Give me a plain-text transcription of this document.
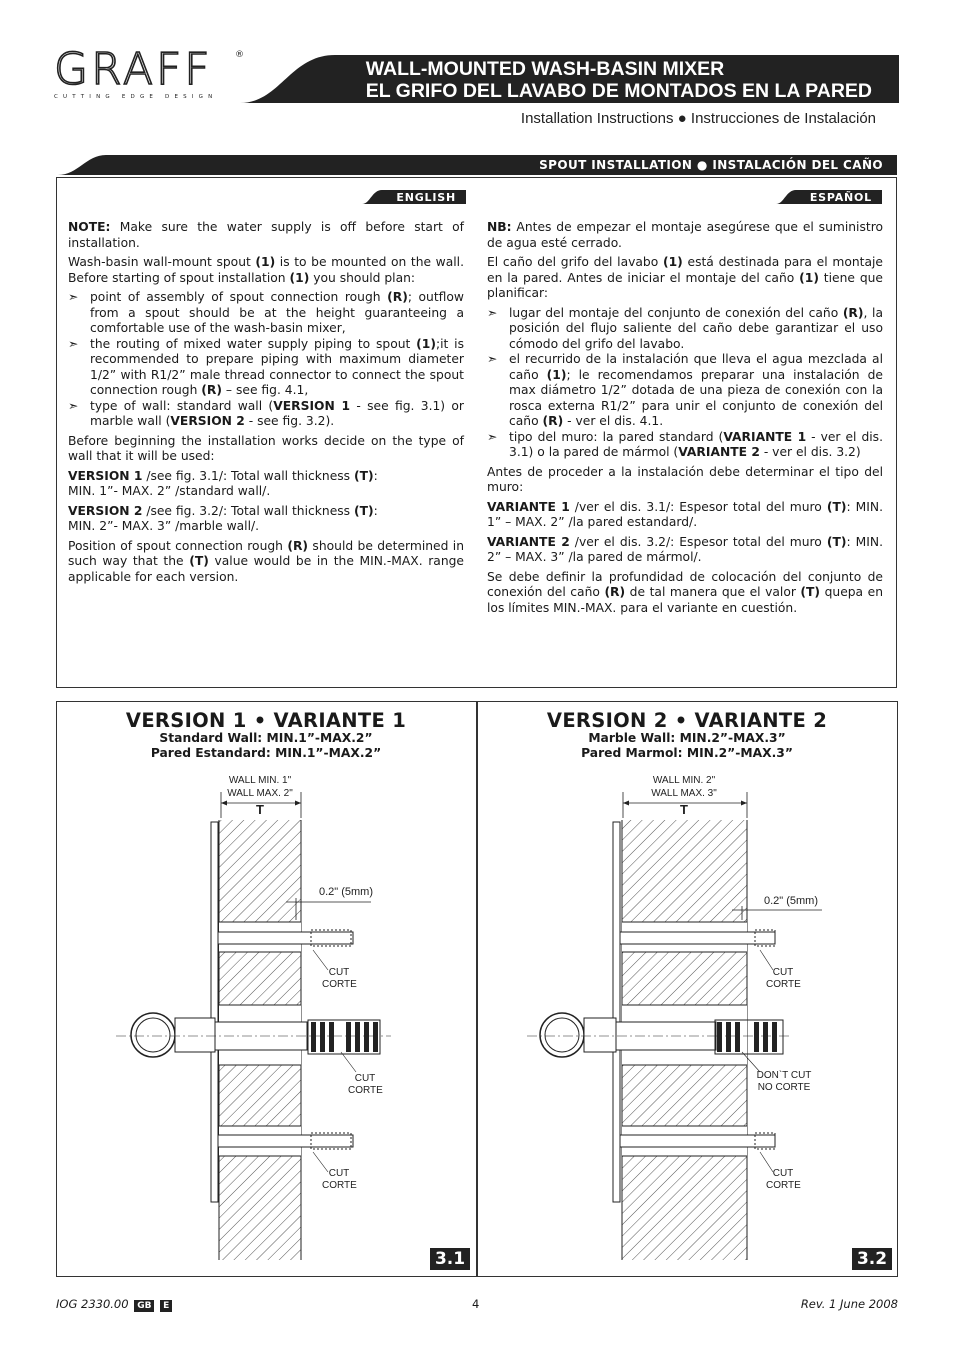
GRAFF
CUTTING EDGE DESIGN
®
WALL-MOUNTED WASH-BASIN MIXER
EL GRIFO DEL LAVABO DE MONTADOS EN LA PARED
Installation Instructions ● Instrucciones de Instalación
SPOUT INSTALLATION ● INSTALACIÓN DEL CAÑO
ENGLISH	ESPAÑOL

NOTE: Make sure the water supply is off before start of installation.

Wash-basin wall-mount spout (1) is to be mounted on the wall. Before starting of spout installation (1) you should plan:

➣ point of assembly of spout connection rough (R); outflow from a spout should be at the height guaranteeing a comfortable use of the wash-basin mixer,
➣ the routing of mixed water supply piping to spout (1);it is recommended to prepare piping with maximum diameter 1/2” with R1/2” male thread connector to connect the spout connection rough (R) – see fig. 4.1,
➣ type of wall: standard wall (VERSION 1 - see fig. 3.1) or marble wall (VERSION 2 - see fig. 3.2).

Before beginning the installation works decide on the type of wall that it will be used:

VERSION 1 /see fig. 3.1/: Total wall thickness (T):
MIN. 1”- MAX. 2” /standard wall/.

VERSION 2 /see fig. 3.2/: Total wall thickness (T):
MIN. 2”- MAX. 3” /marble wall/.

Position of spout connection rough (R) should be determined in such way that the (T) value would be in the MIN.-MAX. range applicable for each version.

NB: Antes de empezar el montaje asegúrese que el suministro de agua esté cerrado.

El caño del grifo del lavabo (1) está destinada para el montaje en la pared. Antes de iniciar el montaje del caño (1) tiene que planificar:

➣ lugar del montaje del conjunto de conexión del caño (R), la posición del flujo saliente del caño debe garantizar el uso cómodo del grifo del lavabo.
➣ el recurrido de la instalación que lleva el agua mezclada al caño (1); le recomendamos preparar una instalación de max diámetro 1/2” dotada de una pieza de conexión con la rosca externa R1/2” para unir el conjunto de conexión del caño (R) - ver el dis. 4.1.
➣ tipo del muro: la pared standard (VARIANTE 1 - ver el dis. 3.1) o la pared de mármol (VARIANTE 2 - ver el dis. 3.2)

Antes de proceder a la instalación debe determinar el tipo del muro:

VARIANTE 1 /ver el dis. 3.1/: Espesor total del muro (T): MIN. 1” – MAX. 2” /la pared estandard/.

VARIANTE 2 /ver el dis. 3.2/: Espesor total del muro (T): MIN. 2” – MAX. 3” /la pared de mármol/.

Se debe definir la profundidad de colocación del conjunto de conexión del caño (R) de tal manera que el valor (T) quepa en los límites MIN.-MAX. para el variante en cuestión.

VERSION 1 • VARIANTE 1
Standard Wall: MIN.1”-MAX.2”
Pared Estandard: MIN.1”-MAX.2”
WALL MIN. 1"
WALL MAX. 2"
T
0.2" (5mm)
CUT
CORTE
CUT
CORTE
CUT
CORTE
3.1
VERSION 2 • VARIANTE 2
Marble Wall: MIN.2”-MAX.3”
Pared Marmol: MIN.2”-MAX.3”
WALL MIN. 2"
WALL MAX. 3"
T
0.2" (5mm)
CUT
CORTE
DON`T CUT
NO CORTE
CUT
CORTE
3.2
IOG 2330.00 GB E	4	Rev. 1 June 2008
